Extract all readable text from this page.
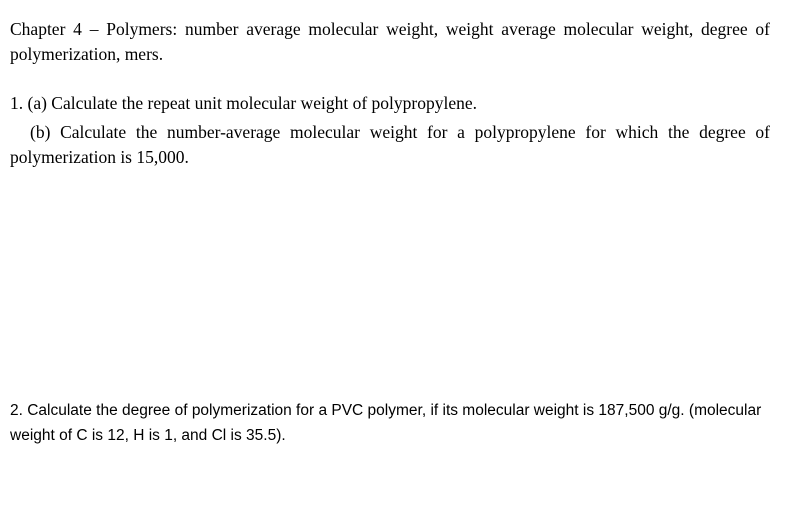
Chapter 4 – Polymers: number average molecular weight, weight average molecular weight, degree of polymerization, mers.

1. (a) Calculate the repeat unit molecular weight of polypropylene.

(b) Calculate the number-average molecular weight for a polypropylene for which the degree of polymerization is 15,000.

2. Calculate the degree of polymerization for a PVC polymer, if its molecular weight is 187,500 g/g. (molecular weight of C is 12, H is 1, and Cl is 35.5).
